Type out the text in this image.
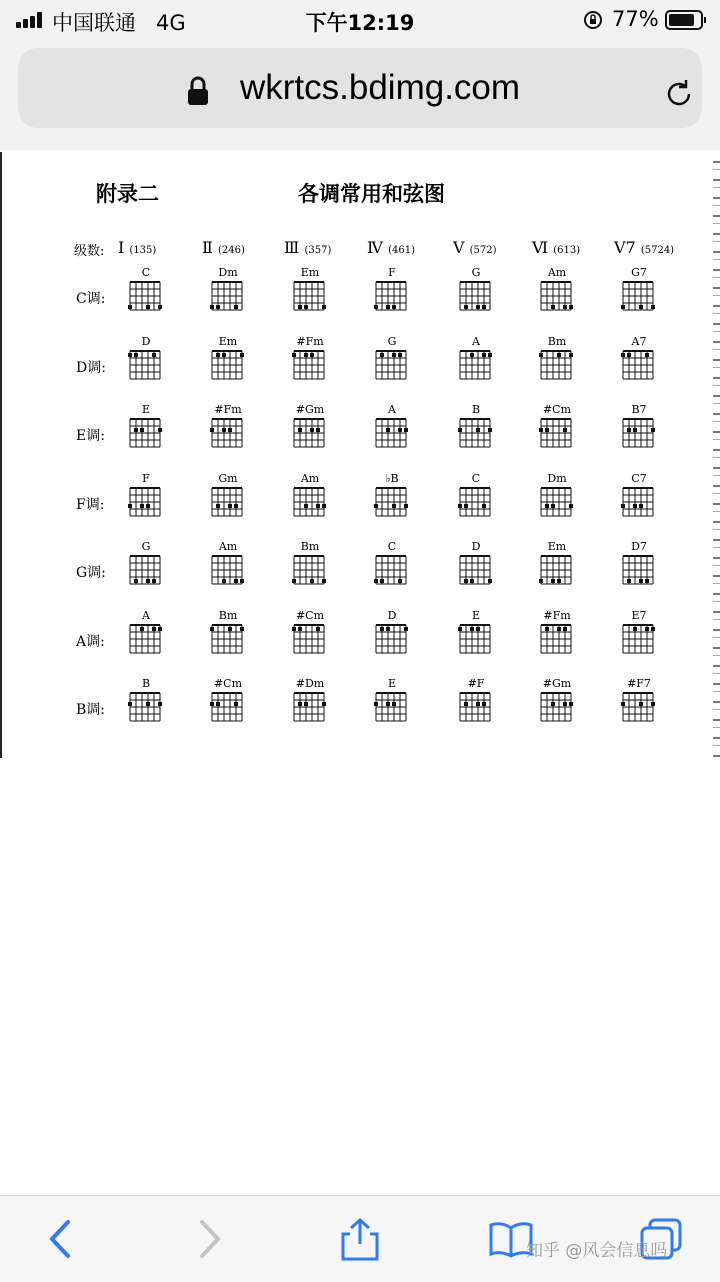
中国联通 4G	下午12:19	77%
wkrtcs.bdimg.com
附录二	各调常用和弦图
级数: I (135)	Ⅱ (246) Ⅲ (357) Ⅳ (461) V (572) Ⅵ (613) V7 (5724)
C调:
C	Dm	Em	F	G	Am	G7
D调:
D	Em	#Fm	G	A	Bm	A7
E调:
E	#Fm	#Gm	A	B	#Cm	B7
F调:
F	Gm	Am	♭B	C	Dm	C7
G调:
G	Am	Bm	C	D	Em	D7
A调:
A	Bm	#Cm	D	E	#Fm	E7
B调:
B	#Cm	#Dm	E	#F	#Gm	#F7
知乎 @风会信息吗
